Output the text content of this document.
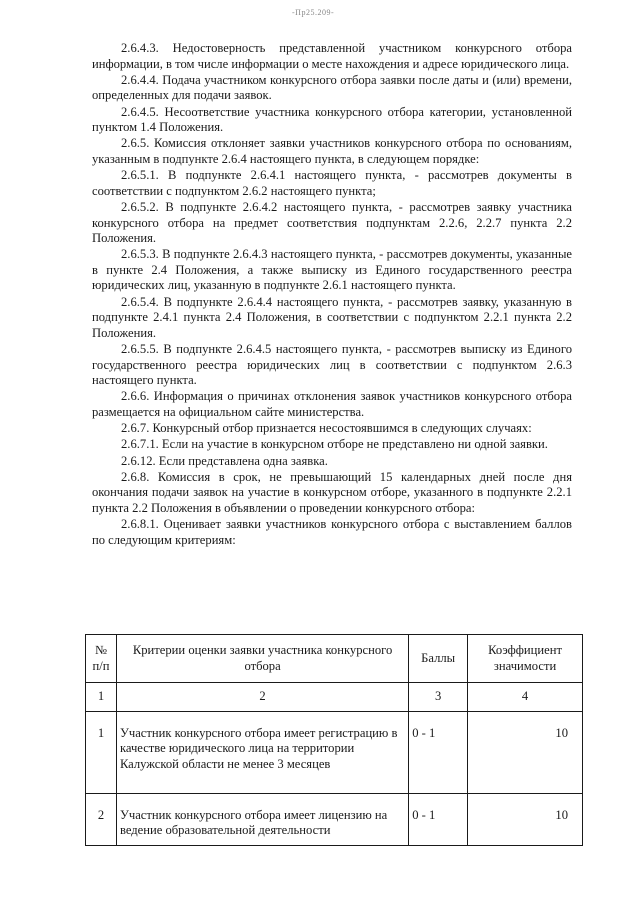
-Пp25.209-

2.6.4.3. Недостоверность представленной участником конкурсного отбора информации, в том числе информации о месте нахождения и адресе юридического лица.

2.6.4.4. Подача участником конкурсного отбора заявки после даты и (или) времени, определенных для подачи заявок.

2.6.4.5. Несоответствие участника конкурсного отбора категории, установленной пунктом 1.4 Положения.

2.6.5. Комиссия отклоняет заявки участников конкурсного отбора по основаниям, указанным в подпункте 2.6.4 настоящего пункта, в следующем порядке:

2.6.5.1. В подпункте 2.6.4.1 настоящего пункта, - рассмотрев документы в соответствии с подпунктом 2.6.2 настоящего пункта;

2.6.5.2. В подпункте 2.6.4.2 настоящего пункта, - рассмотрев заявку участника конкурсного отбора на предмет соответствия подпунктам 2.2.6, 2.2.7 пункта 2.2 Положения.

2.6.5.3. В подпункте 2.6.4.3 настоящего пункта, - рассмотрев документы, указанные в пункте 2.4 Положения, а также выписку из Единого государственного реестра юридических лиц, указанную в подпункте 2.6.1 настоящего пункта.

2.6.5.4. В подпункте 2.6.4.4 настоящего пункта, - рассмотрев заявку, указанную в подпункте 2.4.1 пункта 2.4 Положения, в соответствии с подпунктом 2.2.1 пункта 2.2 Положения.

2.6.5.5. В подпункте 2.6.4.5 настоящего пункта, - рассмотрев выписку из Единого государственного реестра юридических лиц в соответствии с подпунктом 2.6.3 настоящего пункта.

2.6.6. Информация о причинах отклонения заявок участников конкурсного отбора размещается на официальном сайте министерства.

2.6.7. Конкурсный отбор признается несостоявшимся в следующих случаях:

2.6.7.1. Если на участие в конкурсном отборе не представлено ни одной заявки.

2.6.12. Если представлена одна заявка.

2.6.8. Комиссия в срок, не превышающий 15 календарных дней после дня окончания подачи заявок на участие в конкурсном отборе, указанного в подпункте 2.2.1 пункта 2.2 Положения в объявлении о проведении конкурсного отбора:

2.6.8.1. Оценивает заявки участников конкурсного отбора с выставлением баллов по следующим критериям:

№ п/п	Критерии оценки заявки участника конкурсного отбора	Баллы	Коэффициент значимости
1	2	3	4
1	Участник конкурсного отбора имеет регистрацию в качестве юридического лица на территории Калужской области не менее 3 месяцев	0 - 1	10
2	Участник конкурсного отбора имеет лицензию на ведение образовательной деятельности	0 - 1	10
